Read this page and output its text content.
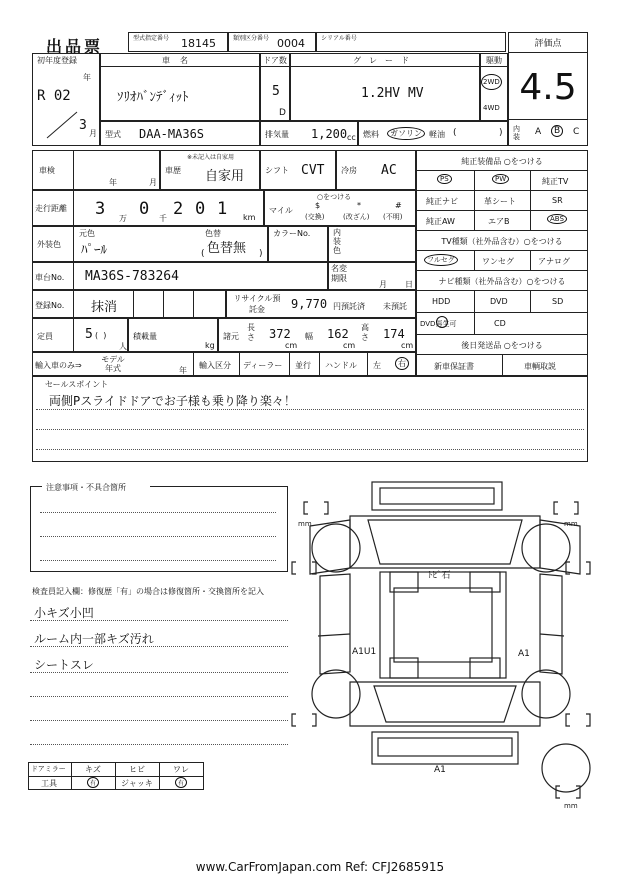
出品票	型式指定番号 18145	類別区分番号 0004	シリアル番号
評価点
4.5
内装	A	B	C
初年度登録
R 02
年
3
月
車名
ｿﾘｵﾊﾞﾝﾃﾞｨｯﾄ
ドア数
5
D
グレード
1.2HV MV
駆動
2WD
4WD
型式 DAA-MA36S	排気量 1,200 cc 燃料	ガソリン 軽油 (	)
車検
年	月
車歴
※未記入は自家用
自家用	シフト CVT 冷房 AC
走行距離 3 万 0 千 2 0 1 km
マイル
○をつける
$
(交換)
*
(改ざん)
#
(不明)
外装色
元色
ﾊﾟｰﾙ
色替
色替無
(	)
カラーNo.	内装色
車台No. MA36S-783264
名変期限
月 日
登録No. 抹消
リサイクル預託金	9,770 円預託済 未預託
定員 5 (  )
人
積載量
kg
諸元
長さ 372
cm
幅 162
cm
高さ 174
cm
輸入車のみ⇒
モデル年式	年
輸入区分 ディーラー 並行 ハンドル 左	右
純正装備品 ○をつける
PS	PW	純正TV
純正ナビ	革シート	SR
純正AW	エアB	ABS
TV種類（社外品含む）○をつける
フルセグ	ワンセグ	アナログ
ナビ種類（社外品含む）○をつける
HDD	DVD	SD
DVD再生可	CD
後日発送品 ○をつける
新車保証書	車輌取説
セールスポイント
両側Pスライドドアでお子様も乗り降り楽々！
注意事項・不具合箇所
検査員記入欄：修復歴「有」の場合は修復箇所・交換箇所を記入
小キズ小凹
ルーム内一部キズ汚れ
シートスレ
ドアミラー キズ	ヒビ	ワレ
工具	有	ジャッキ	有
mm	mm
mm
ﾄﾋﾞ石
A1U1	A1
A1
www.CarFromJapan.com Ref: CFJ2685915
